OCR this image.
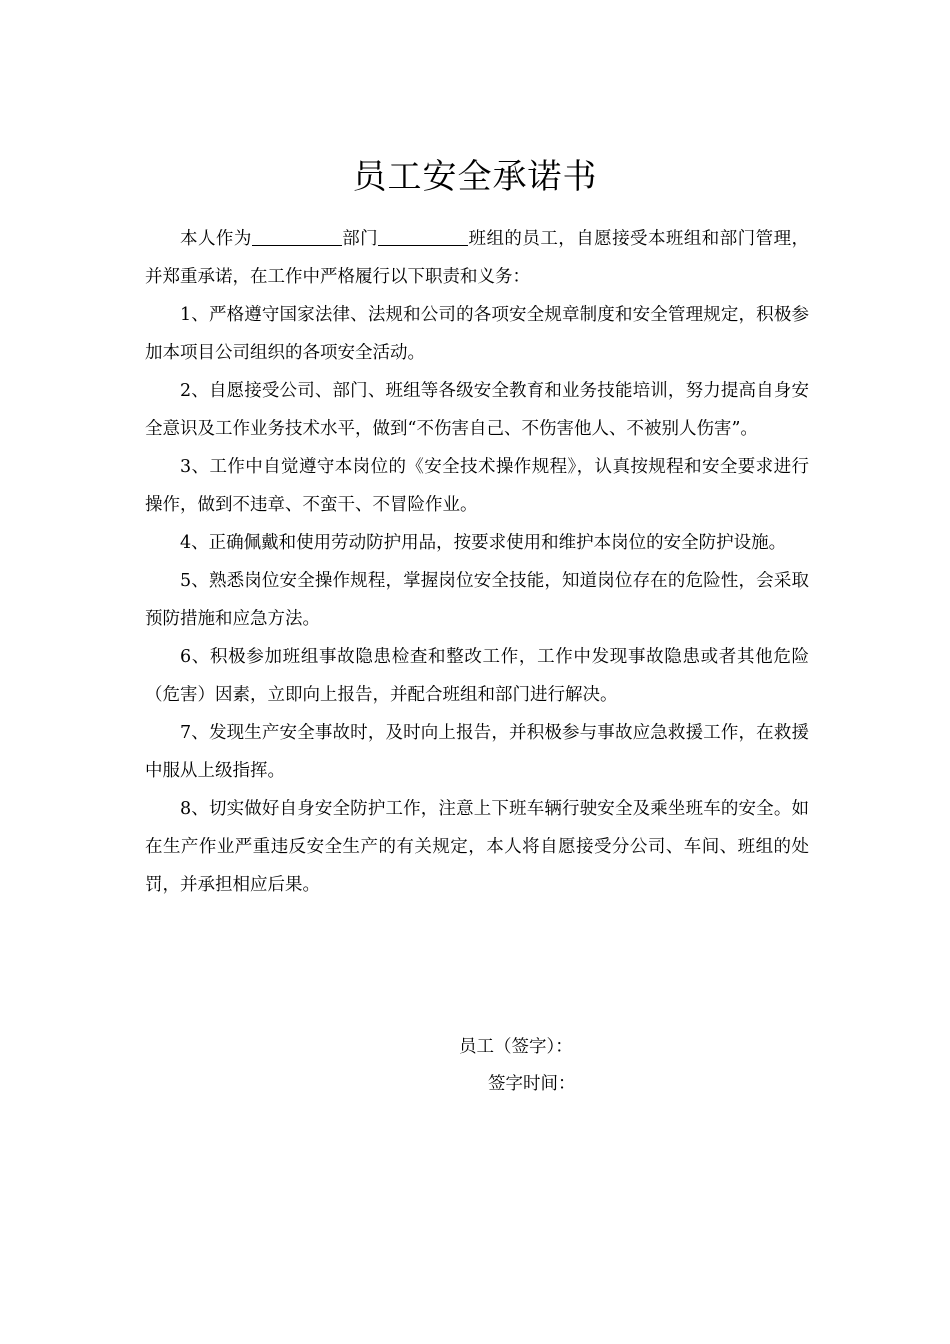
员工安全承诺书

本人作为	部门	班组的员工，自愿接受本班组和部门管理，并郑重承诺，在工作中严格履行以下职责和义务：

1、严格遵守国家法律、法规和公司的各项安全规章制度和安全管理规定，积极参加本项目公司组织的各项安全活动。

2、自愿接受公司、部门、班组等各级安全教育和业务技能培训，努力提高自身安全意识及工作业务技术水平，做到“不伤害自己、不伤害他人、不被别人伤害”。

3、工作中自觉遵守本岗位的《安全技术操作规程》，认真按规程和安全要求进行操作，做到不违章、不蛮干、不冒险作业。

4、正确佩戴和使用劳动防护用品，按要求使用和维护本岗位的安全防护设施。

5、熟悉岗位安全操作规程，掌握岗位安全技能，知道岗位存在的危险性，会采取预防措施和应急方法。

6、积极参加班组事故隐患检查和整改工作，工作中发现事故隐患或者其他危险（危害）因素，立即向上报告，并配合班组和部门进行解决。

7、发现生产安全事故时，及时向上报告，并积极参与事故应急救援工作，在救援中服从上级指挥。

8、切实做好自身安全防护工作，注意上下班车辆行驶安全及乘坐班车的安全。如在生产作业严重违反安全生产的有关规定，本人将自愿接受分公司、车间、班组的处罚，并承担相应后果。

员工（签字）：
签字时间：
